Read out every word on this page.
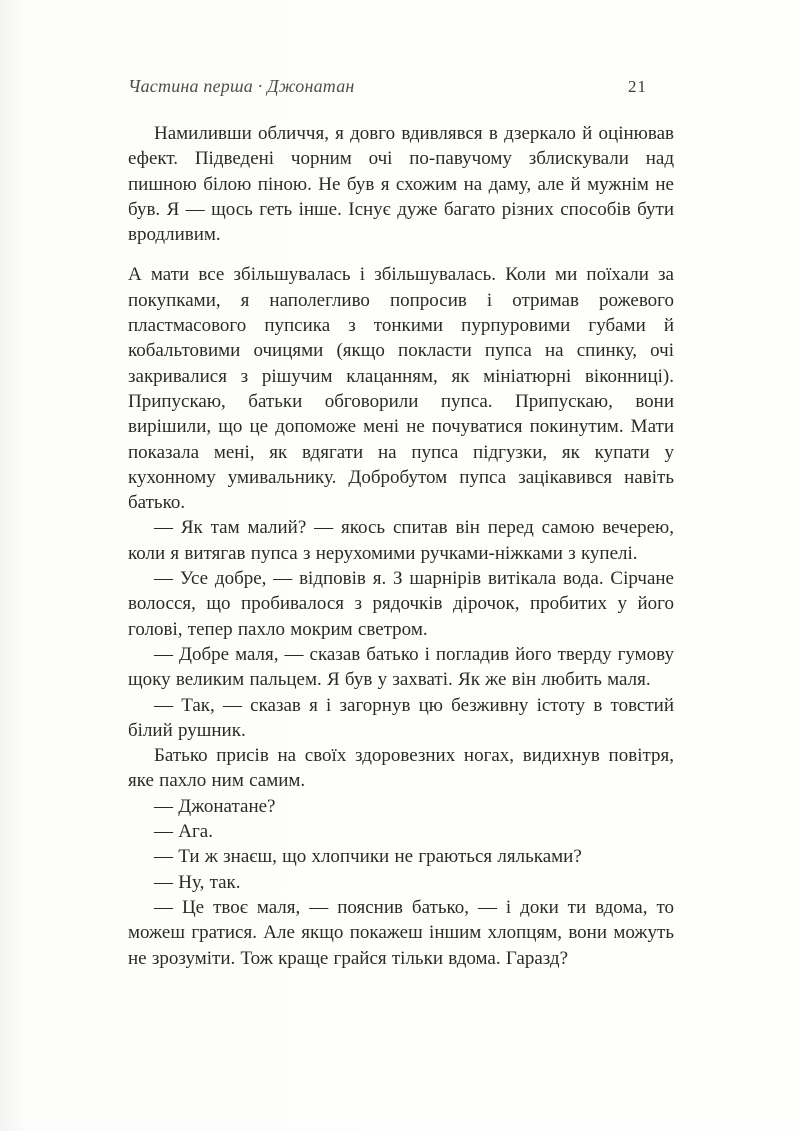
Частина перша · Джонатан	21

Намиливши обличчя, я довго вдивлявся в дзеркало й оцінював ефект. Підведені чорним очі по-павучому зблискували над пишною білою піною. Не був я схожим на даму, але й мужнім не був. Я — щось геть інше. Існує дуже багато різних способів бути вродливим.

А мати все збільшувалась і збільшувалась. Коли ми поїхали за покупками, я наполегливо попросив і отримав рожевого пластмасового пупсика з тонкими пурпуровими губами й кобальтовими очицями (якщо покласти пупса на спинку, очі закривалися з рішучим клацанням, як мініатюрні віконниці). Припускаю, батьки обговорили пупса. Припускаю, вони вирішили, що це допоможе мені не почуватися покинутим. Мати показала мені, як вдягати на пупса підгузки, як купати у кухонному умивальнику. Добробутом пупса зацікавився навіть батько.

— Як там малий? — якось спитав він перед самою вечерею, коли я витягав пупса з нерухомими ручками-ніжками з купелі.

— Усе добре, — відповів я. З шарнірів витікала вода. Сірчане волосся, що пробивалося з рядочків дірочок, пробитих у його голові, тепер пахло мокрим светром.

— Добре маля, — сказав батько і погладив його тверду гумову щоку великим пальцем. Я був у захваті. Як же він любить маля.

— Так, — сказав я і загорнув цю безживну істоту в товстий білий рушник.

Батько присів на своїх здоровезних ногах, видихнув повітря, яке пахло ним самим.

— Джонатане?

— Ага.

— Ти ж знаєш, що хлопчики не граються ляльками?

— Ну, так.

— Це твоє маля, — пояснив батько, — і доки ти вдома, то можеш гратися. Але якщо покажеш іншим хлопцям, вони можуть не зрозуміти. Тож краще грайся тільки вдома. Гаразд?
